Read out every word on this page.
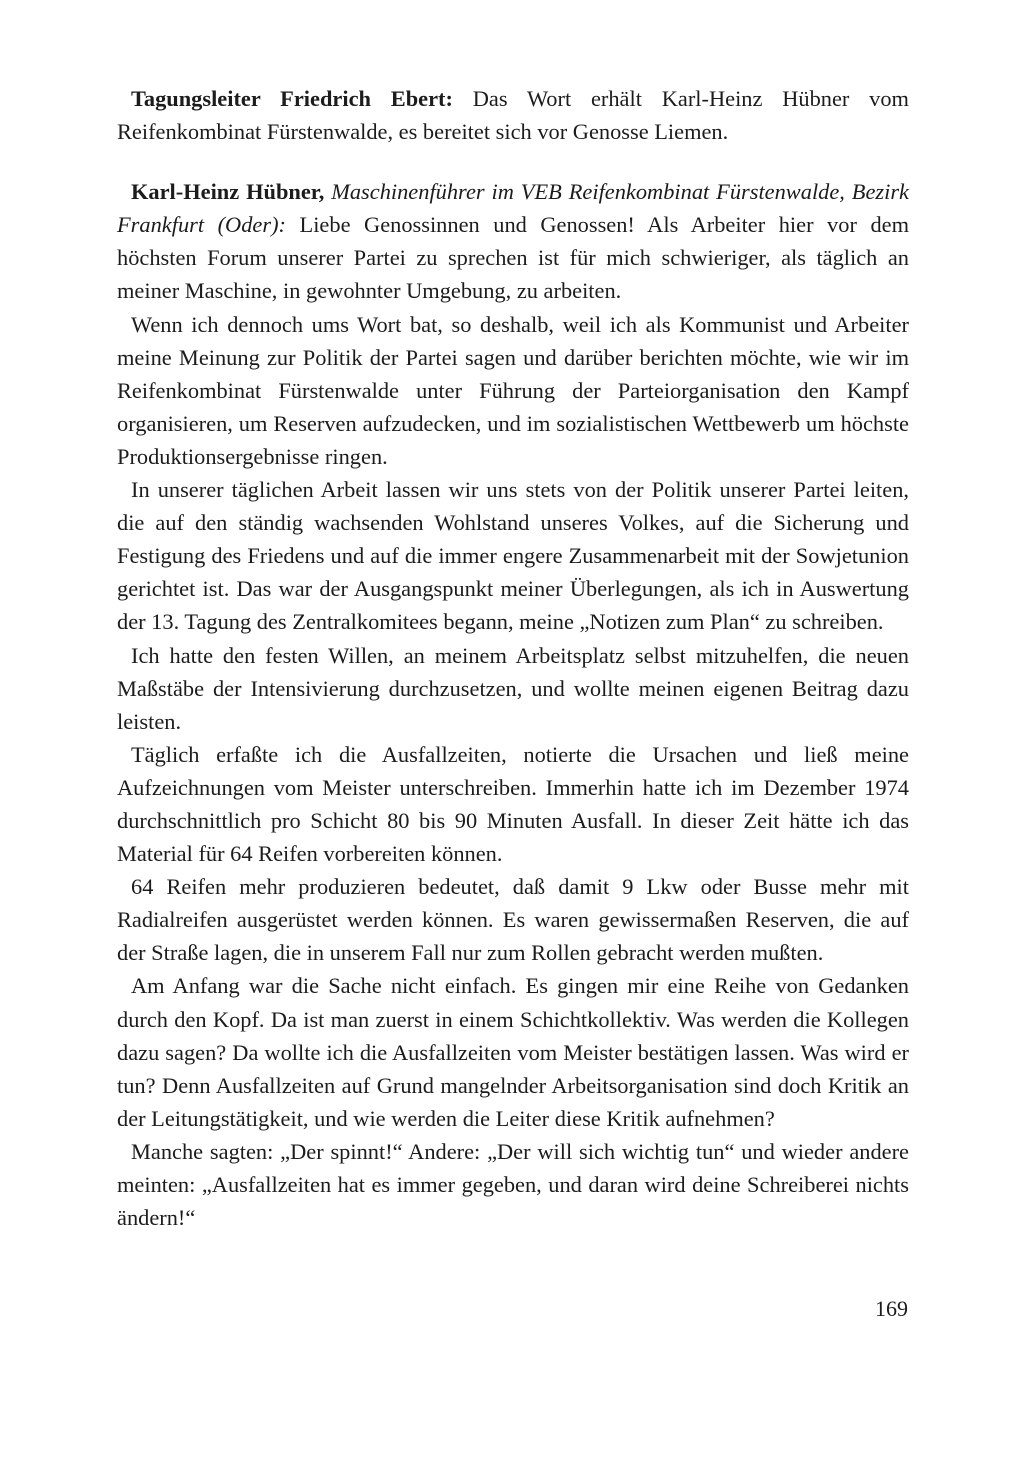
Tagungsleiter Friedrich Ebert: Das Wort erhält Karl-Heinz Hübner vom Reifenkombinat Fürstenwalde, es bereitet sich vor Genosse Liemen.

Karl-Heinz Hübner, Maschinenführer im VEB Reifenkombinat Fürstenwalde, Bezirk Frankfurt (Oder): Liebe Genossinnen und Genossen! Als Arbeiter hier vor dem höchsten Forum unserer Partei zu sprechen ist für mich schwieriger, als täglich an meiner Maschine, in gewohnter Umgebung, zu arbeiten.

Wenn ich dennoch ums Wort bat, so deshalb, weil ich als Kommunist und Arbeiter meine Meinung zur Politik der Partei sagen und darüber berichten möchte, wie wir im Reifenkombinat Fürstenwalde unter Führung der Parteiorganisation den Kampf organisieren, um Reserven aufzudecken, und im sozialistischen Wettbewerb um höchste Produktionsergebnisse ringen.

In unserer täglichen Arbeit lassen wir uns stets von der Politik unserer Partei leiten, die auf den ständig wachsenden Wohlstand unseres Volkes, auf die Sicherung und Festigung des Friedens und auf die immer engere Zusammenarbeit mit der Sowjetunion gerichtet ist. Das war der Ausgangspunkt meiner Überlegungen, als ich in Auswertung der 13. Tagung des Zentralkomitees begann, meine „Notizen zum Plan“ zu schreiben.

Ich hatte den festen Willen, an meinem Arbeitsplatz selbst mitzuhelfen, die neuen Maßstäbe der Intensivierung durchzusetzen, und wollte meinen eigenen Beitrag dazu leisten.

Täglich erfaßte ich die Ausfallzeiten, notierte die Ursachen und ließ meine Aufzeichnungen vom Meister unterschreiben. Immerhin hatte ich im Dezember 1974 durchschnittlich pro Schicht 80 bis 90 Minuten Ausfall. In dieser Zeit hätte ich das Material für 64 Reifen vorbereiten können.

64 Reifen mehr produzieren bedeutet, daß damit 9 Lkw oder Busse mehr mit Radialreifen ausgerüstet werden können. Es waren gewissermaßen Reserven, die auf der Straße lagen, die in unserem Fall nur zum Rollen gebracht werden mußten.

Am Anfang war die Sache nicht einfach. Es gingen mir eine Reihe von Gedanken durch den Kopf. Da ist man zuerst in einem Schichtkollektiv. Was werden die Kollegen dazu sagen? Da wollte ich die Ausfallzeiten vom Meister bestätigen lassen. Was wird er tun? Denn Ausfallzeiten auf Grund mangelnder Arbeitsorganisation sind doch Kritik an der Leitungstätigkeit, und wie werden die Leiter diese Kritik aufnehmen?

Manche sagten: „Der spinnt!“ Andere: „Der will sich wichtig tun“ und wieder andere meinten: „Ausfallzeiten hat es immer gegeben, und daran wird deine Schreiberei nichts ändern!“

169
